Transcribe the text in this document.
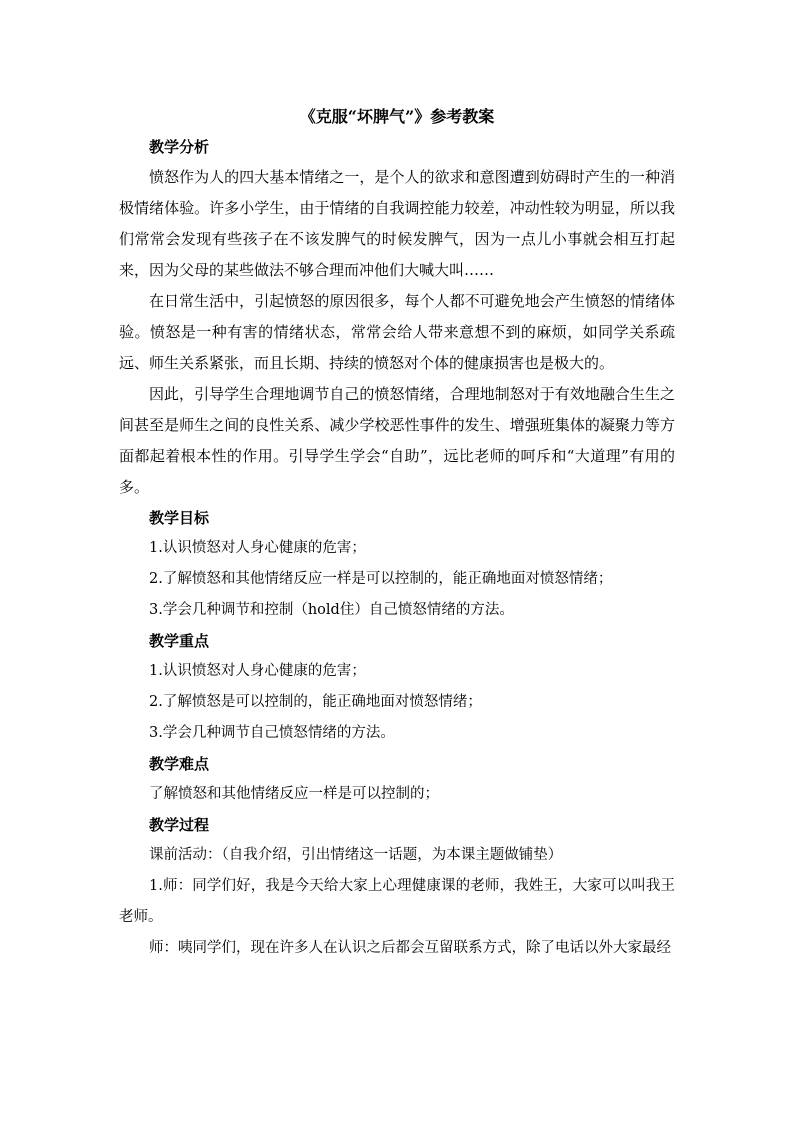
《克服“坏脾气”》参考教案
教学分析

愤怒作为人的四大基本情绪之一，是个人的欲求和意图遭到妨碍时产生的一种消极情绪体验。许多小学生，由于情绪的自我调控能力较差，冲动性较为明显，所以我们常常会发现有些孩子在不该发脾气的时候发脾气，因为一点儿小事就会相互打起来，因为父母的某些做法不够合理而冲他们大喊大叫……

在日常生活中，引起愤怒的原因很多，每个人都不可避免地会产生愤怒的情绪体验。愤怒是一种有害的情绪状态，常常会给人带来意想不到的麻烦，如同学关系疏远、师生关系紧张，而且长期、持续的愤怒对个体的健康损害也是极大的。

因此，引导学生合理地调节自己的愤怒情绪，合理地制怒对于有效地融合生生之间甚至是师生之间的良性关系、减少学校恶性事件的发生、增强班集体的凝聚力等方面都起着根本性的作用。引导学生学会“自助”，远比老师的呵斥和“大道理”有用的多。

教学目标

1.认识愤怒对人身心健康的危害；

2.了解愤怒和其他情绪反应一样是可以控制的，能正确地面对愤怒情绪；

3.学会几种调节和控制（hold住）自己愤怒情绪的方法。

教学重点

1.认识愤怒对人身心健康的危害；

2.了解愤怒是可以控制的，能正确地面对愤怒情绪；

3.学会几种调节自己愤怒情绪的方法。

教学难点

了解愤怒和其他情绪反应一样是可以控制的；

教学过程

课前活动：（自我介绍，引出情绪这一话题，为本课主题做铺垫）

1.师：同学们好，我是今天给大家上心理健康课的老师，我姓王，大家可以叫我王老师。

师：咦同学们，现在许多人在认识之后都会互留联系方式，除了电话以外大家最经
